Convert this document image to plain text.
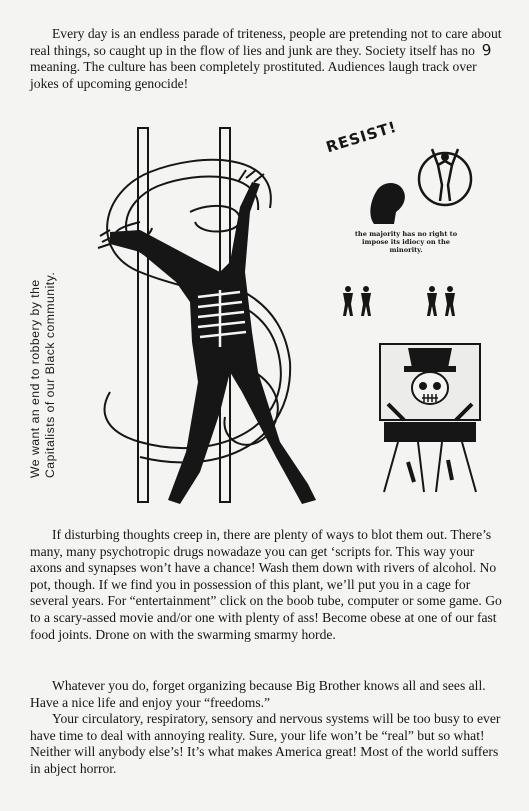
Every day is an endless parade of triteness, people are pretending not to care about real things, so caught up in the flow of lies and junk are they. Society itself has no meaning. The culture has been completely prostituted. Audiences laugh track over jokes of upcoming genocide!

9
We want an end to robbery by the Capitalists of our Black community.
RESIST!
the majority has no right to impose its idiocy on the minority.

If disturbing thoughts creep in, there are plenty of ways to blot them out. There’s many, many psychotropic drugs nowadaze you can get ‘scripts for. This way your axons and synapses won’t have a chance! Wash them down with rivers of alcohol. No pot, though. If we find you in possession of this plant, we’ll put you in a cage for several years. For “entertainment” click on the boob tube, computer or some game. Go to a scary-assed movie and/or one with plenty of ass! Become obese at one of our fast food joints. Drone on with the swarming smarmy horde.

Whatever you do, forget organizing because Big Brother knows all and sees all. Have a nice life and enjoy your “freedoms.”

Your circulatory, respiratory, sensory and nervous systems will be too busy to ever have time to deal with annoying reality. Sure, your life won’t be “real” but so what! Neither will anybody else’s! It’s what makes America great! Most of the world suffers in abject horror.
